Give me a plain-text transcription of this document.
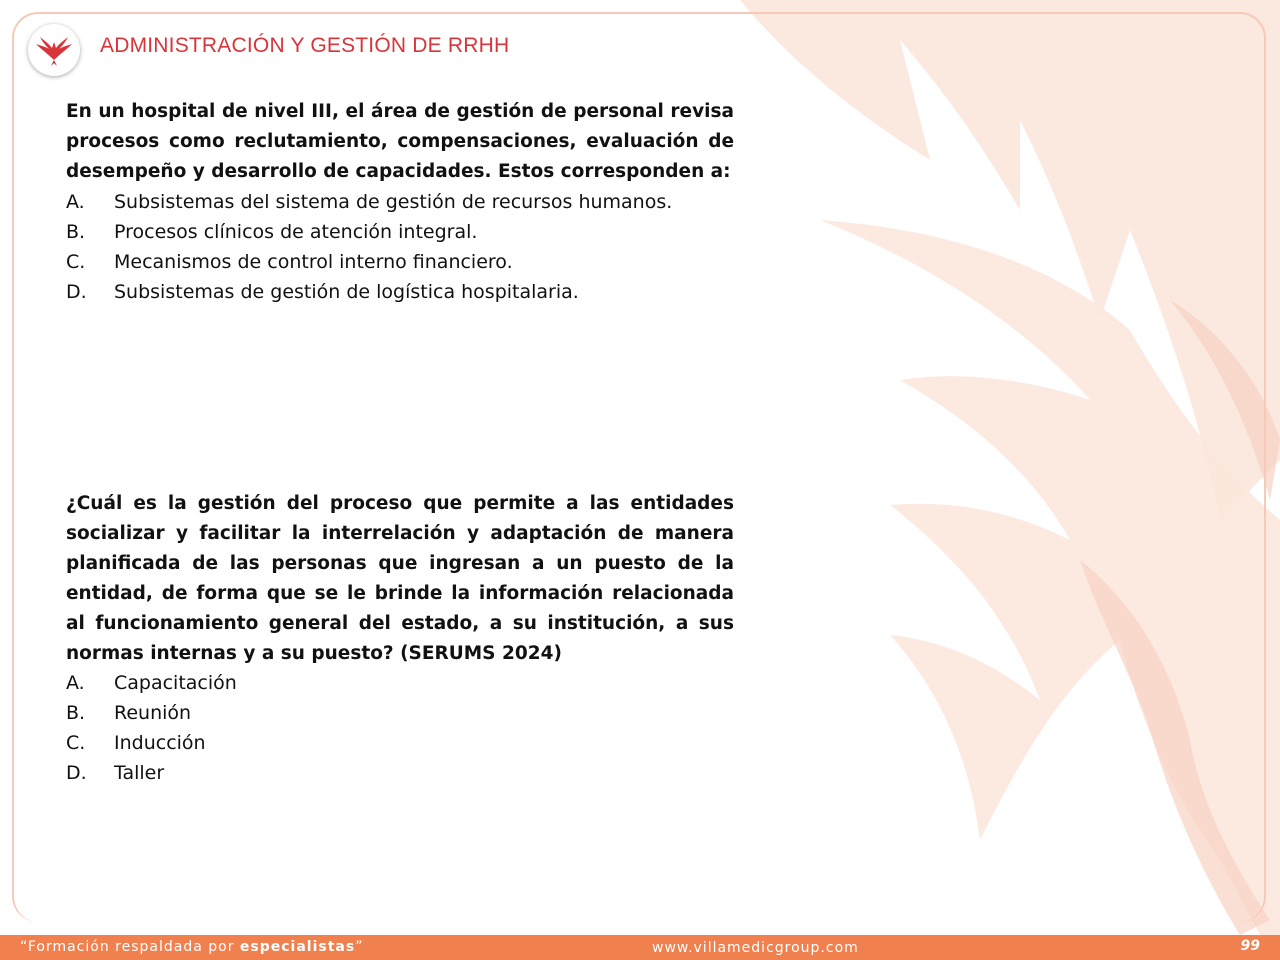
ADMINISTRACIÓN Y GESTIÓN DE RRHH

En un hospital de nivel III, el área de gestión de personal revisa procesos como reclutamiento, compensaciones, evaluación de desempeño y desarrollo de capacidades. Estos corresponden a:

A.	Subsistemas del sistema de gestión de recursos humanos.
B.	Procesos clínicos de atención integral.
C.	Mecanismos de control interno financiero.
D.	Subsistemas de gestión de logística hospitalaria.

¿Cuál es la gestión del proceso que permite a las entidades socializar y facilitar la interrelación y adaptación de manera planificada de las personas que ingresan a un puesto de la entidad, de forma que se le brinde la información relacionada al funcionamiento general del estado, a su institución, a sus normas internas y a su puesto? (SERUMS 2024)

A.	Capacitación
B.	Reunión
C.	Inducción
D.	Taller
“Formación respaldada por especialistas”	www.villamedicgroup.com	99
